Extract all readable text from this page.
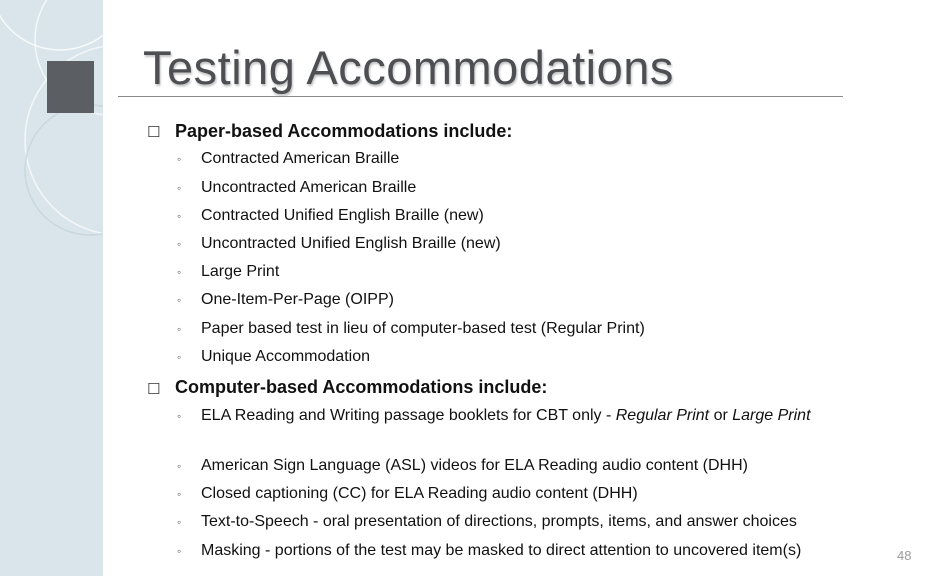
Testing Accommodations
☐ Paper-based Accommodations include:
◦ Contracted American Braille
◦ Uncontracted American Braille
◦ Contracted Unified English Braille (new)
◦ Uncontracted Unified English Braille (new)
◦ Large Print
◦ One-Item-Per-Page (OIPP)
◦ Paper based test in lieu of computer-based test (Regular Print)
◦ Unique Accommodation
☐ Computer-based Accommodations include:
◦ ELA Reading and Writing passage booklets for CBT only - Regular Print or Large Print
◦ American Sign Language (ASL) videos for ELA Reading audio content (DHH)
◦ Closed captioning (CC) for ELA Reading audio content (DHH)
◦ Text-to-Speech - oral presentation of directions, prompts, items, and answer choices
◦ Masking - portions of the test may be masked to direct attention to uncovered item(s)	48
